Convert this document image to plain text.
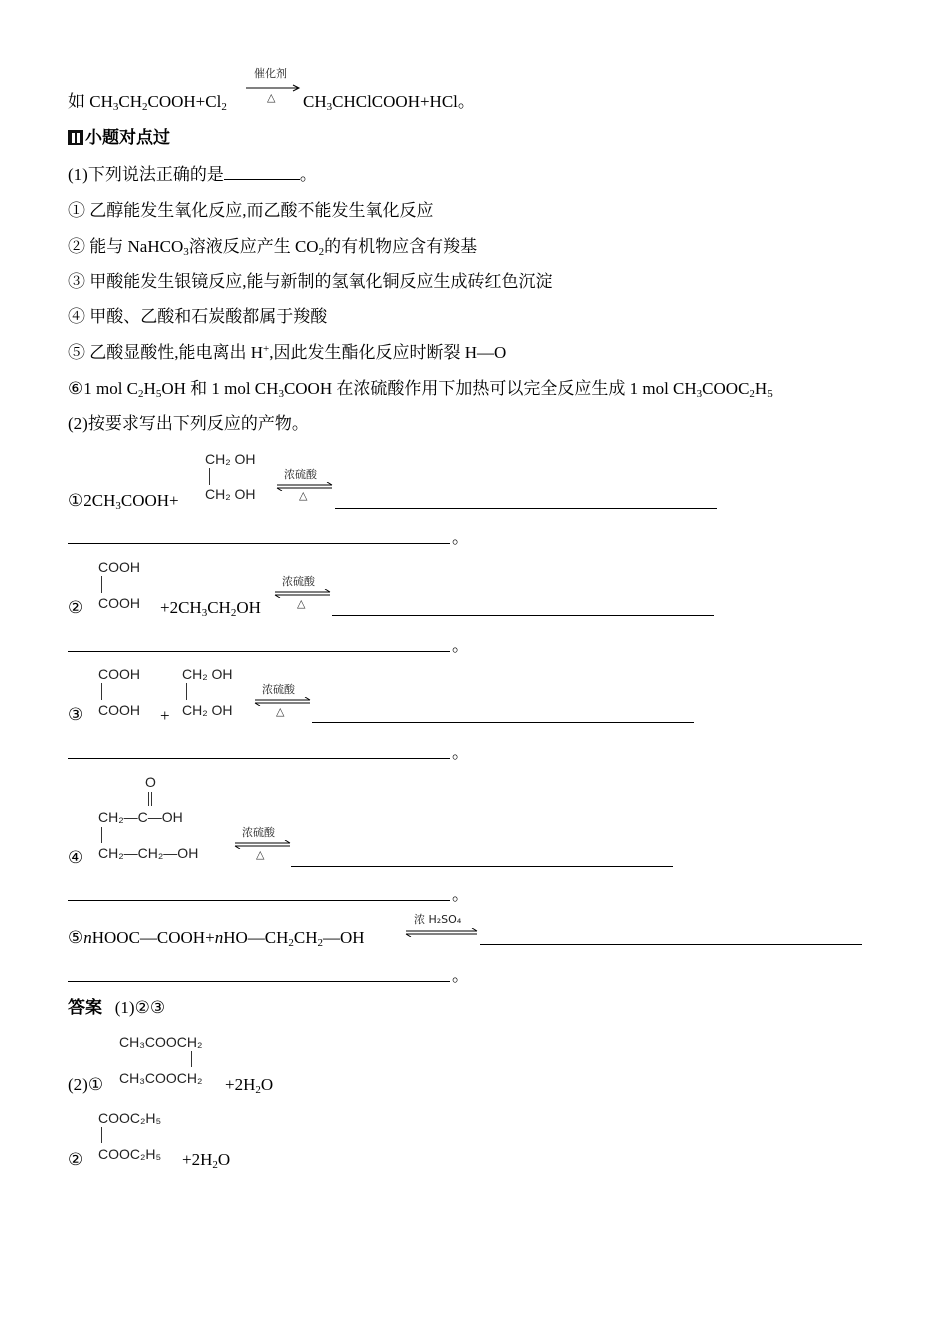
如 $CH_3CH_2COOH+Cl_2$
催化剂
△ $CH_3CHClCOOH+HCl$。
小题对点过
(1)下列说法正确的是	。
① 乙醇能发生氧化反应,而乙酸不能发生氧化反应
② 能与 NaHCO$_3$溶液反应产生 $CO_2$的有机物应含有羧基
③ 甲酸能发生银镜反应,能与新制的氢氧化铜反应生成砖红色沉淀
④ 甲酸、乙酸和石炭酸都属于羧酸
⑤ 乙酸显酸性,能电离出 H+,因此发生酯化反应时断裂 H—O
⑥1 mol $C_2H_5OH$ 和 1 mol $CH_3COOH$ 在浓硫酸作用下加热可以完全反应生成 1 mol $CH_3COOC_2H_5$
(2)按要求写出下列反应的产物。
$①2CH_3COOH+$
CH₂ OH
CH₂ OH
浓硫酸
△
。
②
COOH
COOH $+2CH_3CH_2OH$
浓硫酸
△
。
③
COOH
COOH +
CH₂ OH
CH₂ OH
浓硫酸
△
。
O
CH₂—C—OH
④ CH₂—CH₂—OH
浓硫酸
△
。
$⑤nHOOC—COOH+nHO—CH_2CH_2—OH$
浓 H₂SO₄
。
答案 (1)②③
CH₃COOCH₂
(2)① CH₃COOCH₂ $+2H_2O$
COOC₂H₅
② COOC₂H₅ $+2H_2O$
